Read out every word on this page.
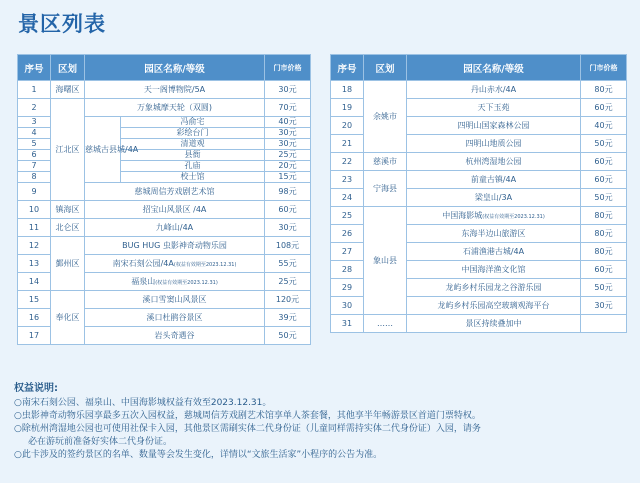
景区列表
序号	区划	园区名称/等级		门市价格
1	海曙区	天一阁博物院/5A		30元
2	江北区	万象城摩天轮（双圆)		70元
3		慈城古县城/4A	冯俞宅	40元
4			彩绘台门	30元
5			清道观	30元
6			县衙	25元
7			孔庙	20元
8			校士馆	15元
9		慈城周信芳戏剧艺术馆		98元
10	镇海区	招宝山风景区 /4A		60元
11	北仑区	九峰山/4A		30元
12	鄞州区	BUG HUG 虫影神奇动物乐园		108元
13		南宋石刻公园/4A(权益有效期至2023.12.31)		55元
14		福泉山(权益有效期至2023.12.31)		25元
15	奉化区	溪口雪窦山风景区		120元
16		溪口杜鹃谷景区		39元
17		岩头奇遇谷		50元
序号	区划	园区名称/等级	门市价格
18	余姚市	丹山赤水/4A	80元
19		天下玉苑	60元
20		四明山国家森林公园	40元
21		四明山地质公园	50元
22	慈溪市	杭州湾湿地公园	60元
23	宁海县	前童古镇/4A	60元
24		梁皇山/3A	50元
25	象山县	中国海影城(权益有效期至2023.12.31)	80元
26		东海半边山旅游区	80元
27		石浦渔港古城/4A	80元
28		中国海洋渔文化馆	60元
29		龙屿乡村乐园龙之谷游乐园	50元
30		龙屿乡村乐园高空玻璃观海平台	30元
31	……	景区持续叠加中	
权益说明:
○南宋石刻公园、福泉山、中国海影城权益有效至2023.12.31。
○虫影神奇动物乐园享最多五次入园权益，慈城周信芳戏剧艺术馆享单人茶套餐，其他享半年畅游景区首道门票特权。
○除杭州湾湿地公园也可使用社保卡入园，其他景区需刷实体二代身份证（儿童同样需持实体二代身份证）入园，请务
必在游玩前准备好实体二代身份证。
○此卡涉及的签约景区的名单、数量等会发生变化，详情以“文旅生活家”小程序的公告为准。
